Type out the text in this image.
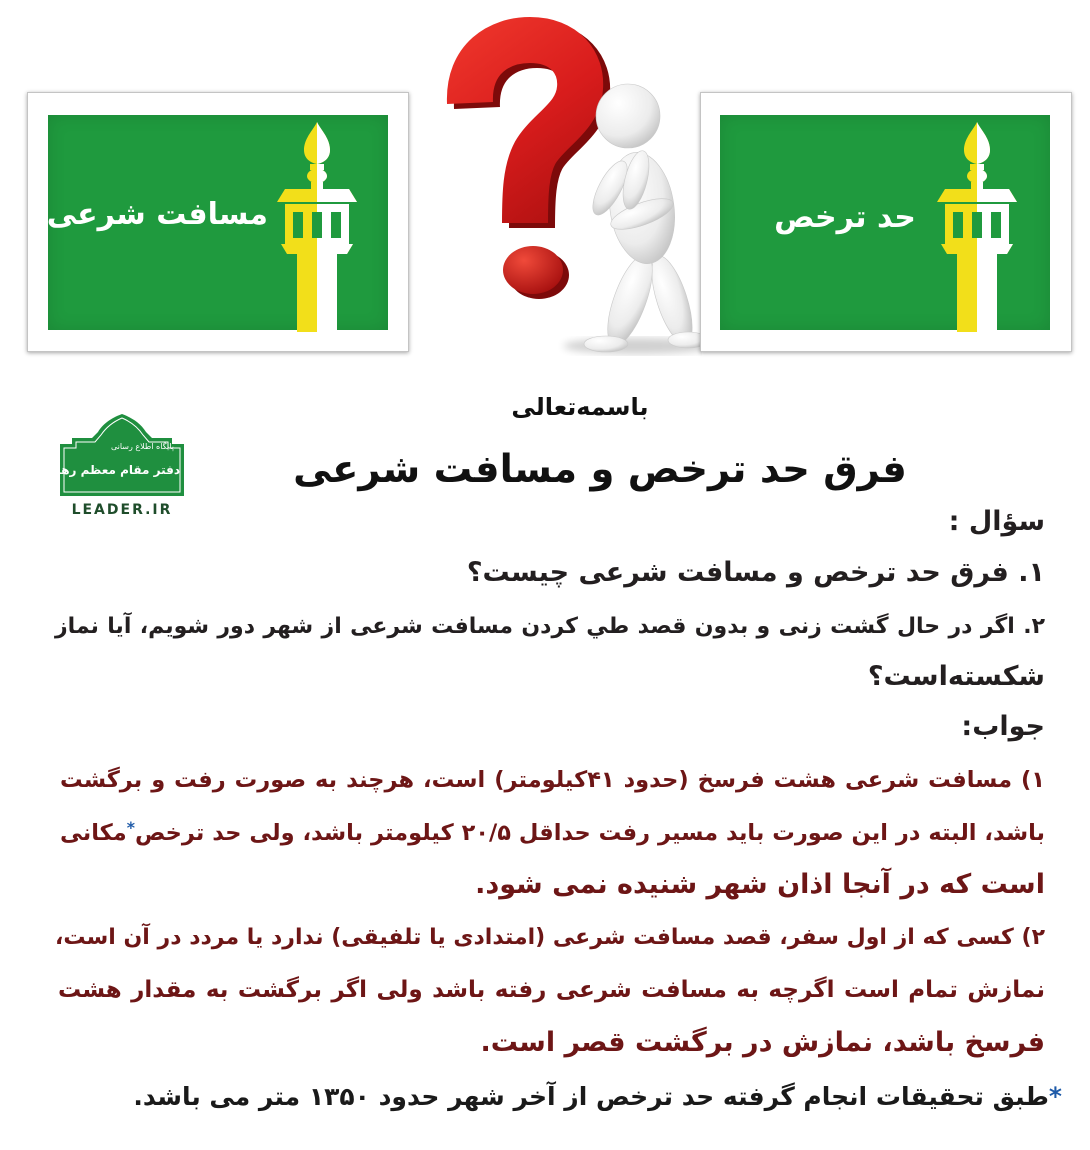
مسافت شرعی	حد ترخص
باسمه‌تعالی
پایگاه اطلاع رسانی
دفتر مقام معظم رهبری
LEADER.IR
فرق حد ترخص و مسافت شرعی
سؤال :
۱. فرق حد ترخص و مسافت شرعی چیست؟
۲. اگر در حال گشت زنی و بدون قصد طي كردن مسافت شرعی از شهر دور شویم، آیا نماز
شکسته‌است؟
جواب:
۱) مسافت شرعی هشت فرسخ (حدود ۴۱کیلومتر) است، هرچند به صورت رفت و برگشت
باشد، البته در این صورت باید مسیر رفت حداقل ۲۰/۵ کیلومتر باشد، ولی حد ترخص*مکانی
است که در آنجا اذان شهر شنیده نمی شود.
۲) کسی که از اول سفر، قصد مسافت شرعی (امتدادی یا تلفیقی) ندارد یا مردد در آن است،
نمازش تمام است اگرچه به مسافت شرعی رفته باشد ولی اگر برگشت به مقدار هشت
فرسخ باشد، نمازش در برگشت قصر است.
*طبق تحقیقات انجام گرفته حد ترخص از آخر شهر حدود ۱۳۵۰ متر می باشد.
